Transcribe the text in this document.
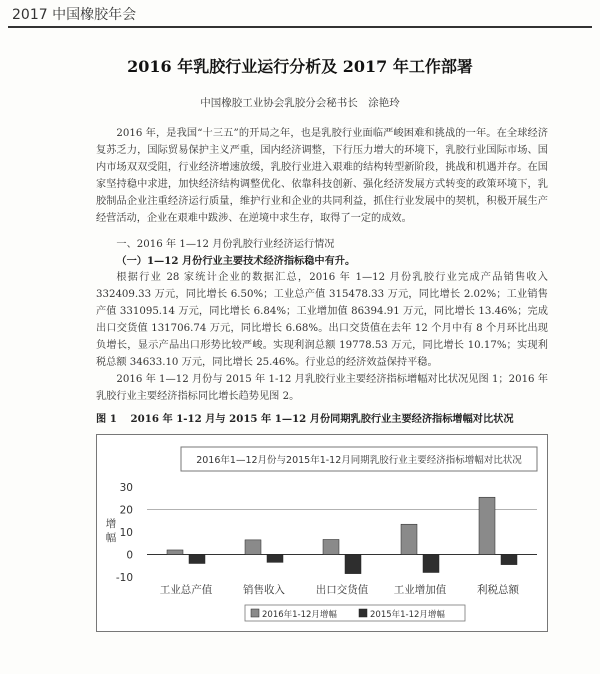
2017 中国橡胶年会
2016 年乳胶行业运行分析及 2017 年工作部署
中国橡胶工业协会乳胶分会秘书长　涂艳玲
2016 年，是我国“十三五”的开局之年，也是乳胶行业面临严峻困难和挑战的一年。在全球经济复苏乏力，国际贸易保护主义严重，国内经济调整，下行压力增大的环境下，乳胶行业国际市场、国内市场双双受阻，行业经济增速放缓，乳胶行业进入艰难的结构转型新阶段，挑战和机遇并存。在国家坚持稳中求进，加快经济结构调整优化、依靠科技创新、强化经济发展方式转变的政策环境下，乳胶制品企业注重经济运行质量，维护行业和企业的共同利益，抓住行业发展中的契机，积极开展生产经营活动，企业在艰难中跋涉、在逆境中求生存，取得了一定的成效。
一、2016 年 1—12 月份乳胶行业经济运行情况
（一）1—12 月份行业主要技术经济指标稳中有升。
根据行业 28 家统计企业的数据汇总，2016 年 1—12 月份乳胶行业完成产品销售收入 332409.33 万元，同比增长 6.50%；工业总产值 315478.33 万元，同比增长 2.02%；工业销售产值 331095.14 万元，同比增长 6.84%；工业增加值 86394.91 万元，同比增长 13.46%；完成出口交货值 131706.74 万元，同比增长 6.68%。出口交货值在去年 12 个月中有 8 个月环比出现负增长，显示产品出口形势比较严峻。实现利润总额 19778.53 万元，同比增长 10.17%；实现利税总额 34633.10 万元，同比增长 25.46%。行业总的经济效益保持平稳。
2016 年 1—12 月份与 2015 年 1-12 月乳胶行业主要经济指标增幅对比状况见图 1；2016 年乳胶行业主要经济指标同比增长趋势见图 2。
图 1　 2016 年 1-12 月与 2015 年 1—12 月份同期乳胶行业主要经济指标增幅对比状况
2016年1—12月份与2015年1-12月同期乳胶行业主要经济指标增幅对比状况
30
20
10
0
-10
增
幅
工业总产值	销售收入	出口交货值 工业增加值	利税总额
2016年1-12月增幅	2015年1-12月增幅
